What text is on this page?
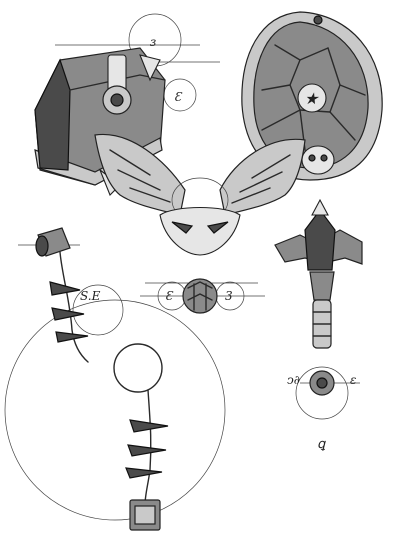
ɜ
Ɛ	★
Ɛ	3
S.E
ↄ∂	ɛ
ꝗ
